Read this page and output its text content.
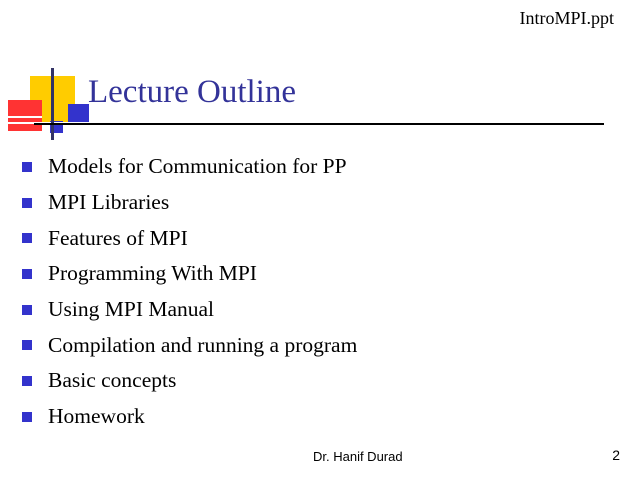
IntroMPI.ppt
Lecture Outline
Models for Communication for PP
MPI Libraries
Features of MPI
Programming With MPI
Using MPI Manual
Compilation and running a program
Basic concepts
Homework
Dr. Hanif Durad	2
